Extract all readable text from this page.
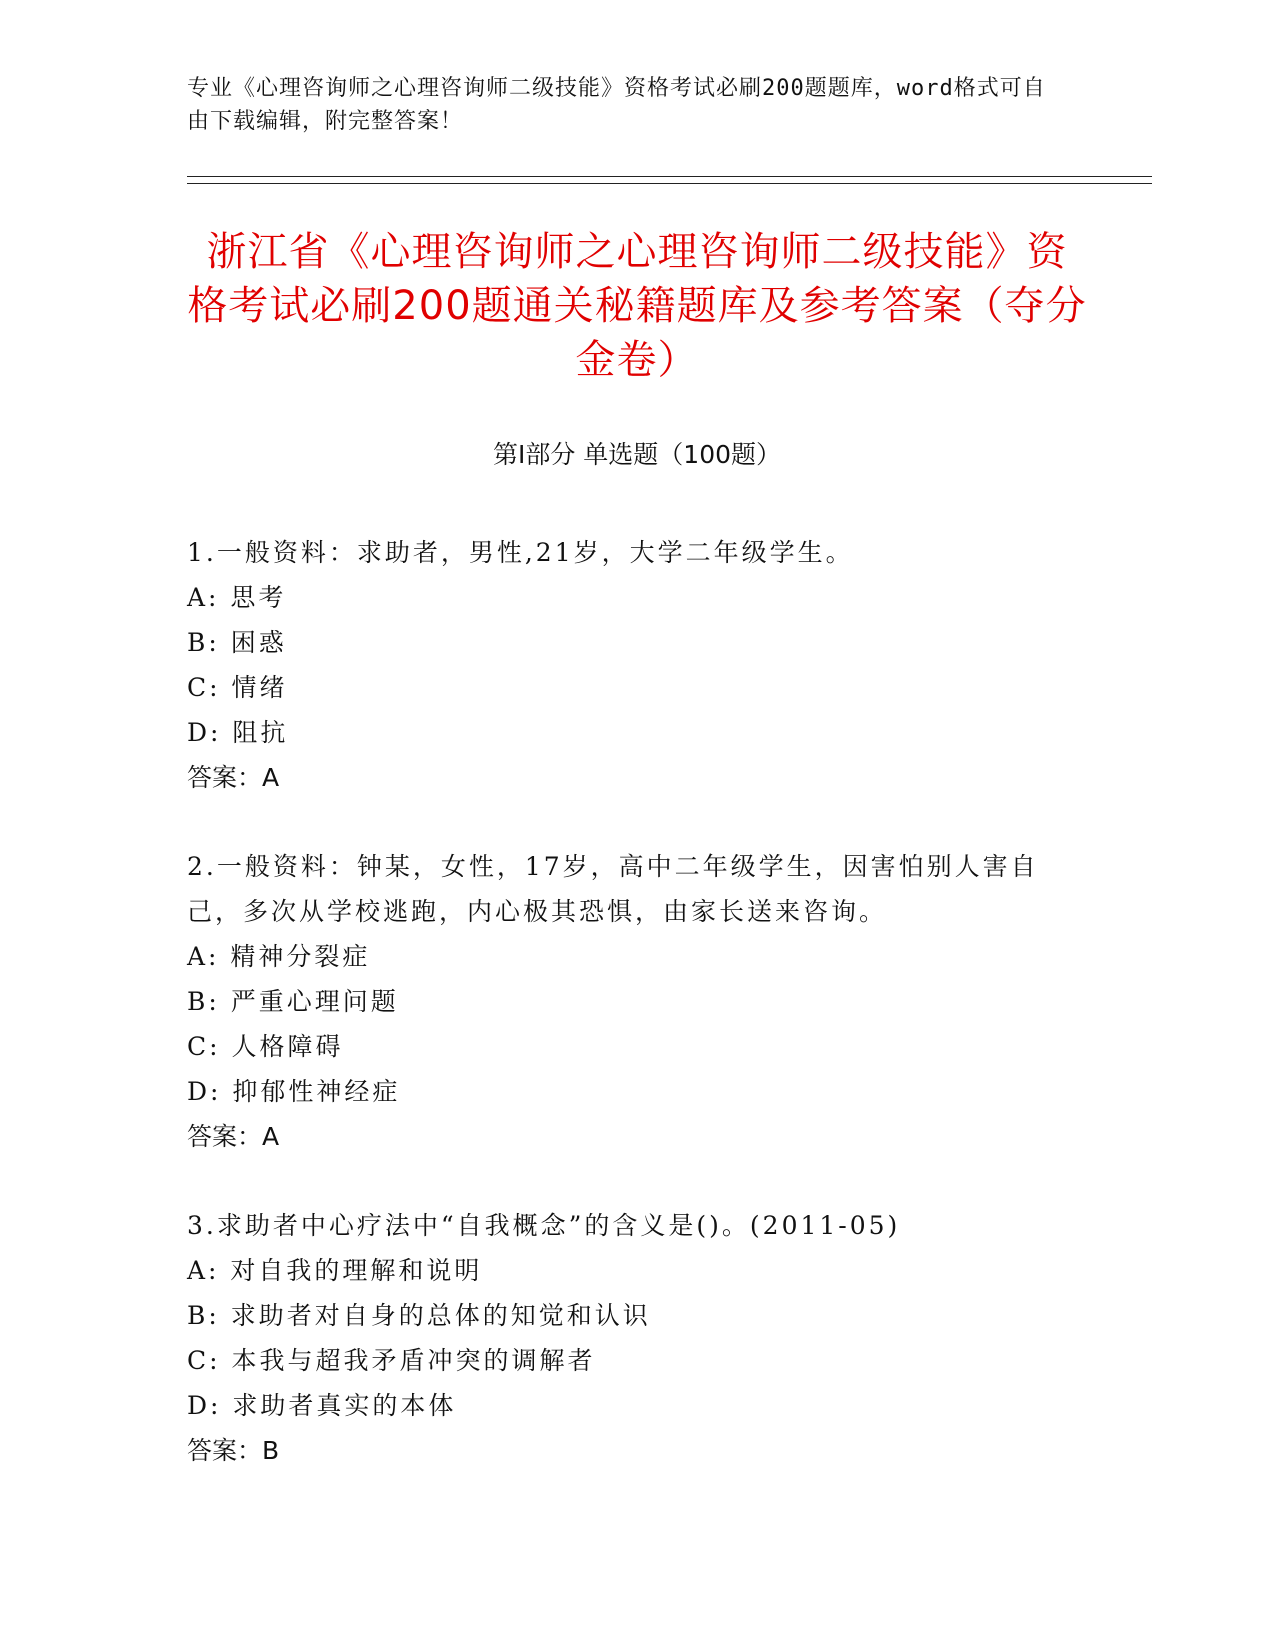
专业《心理咨询师之心理咨询师二级技能》资格考试必刷200题题库，word格式可自由下载编辑，附完整答案！
浙江省《心理咨询师之心理咨询师二级技能》资格考试必刷200题通关秘籍题库及参考答案（夺分金卷）
第I部分 单选题（100题）
1.一般资料：求助者，男性,21岁，大学二年级学生。
A: 思考
B: 困惑
C: 情绪
D: 阻抗
答案：A
2.一般资料：钟某，女性，17岁，高中二年级学生，因害怕别人害自己，多次从学校逃跑，内心极其恐惧，由家长送来咨询。
A: 精神分裂症
B: 严重心理问题
C: 人格障碍
D: 抑郁性神经症
答案：A
3.求助者中心疗法中“自我概念”的含义是()。(2011-05)
A: 对自我的理解和说明
B: 求助者对自身的总体的知觉和认识
C: 本我与超我矛盾冲突的调解者
D: 求助者真实的本体
答案：B
